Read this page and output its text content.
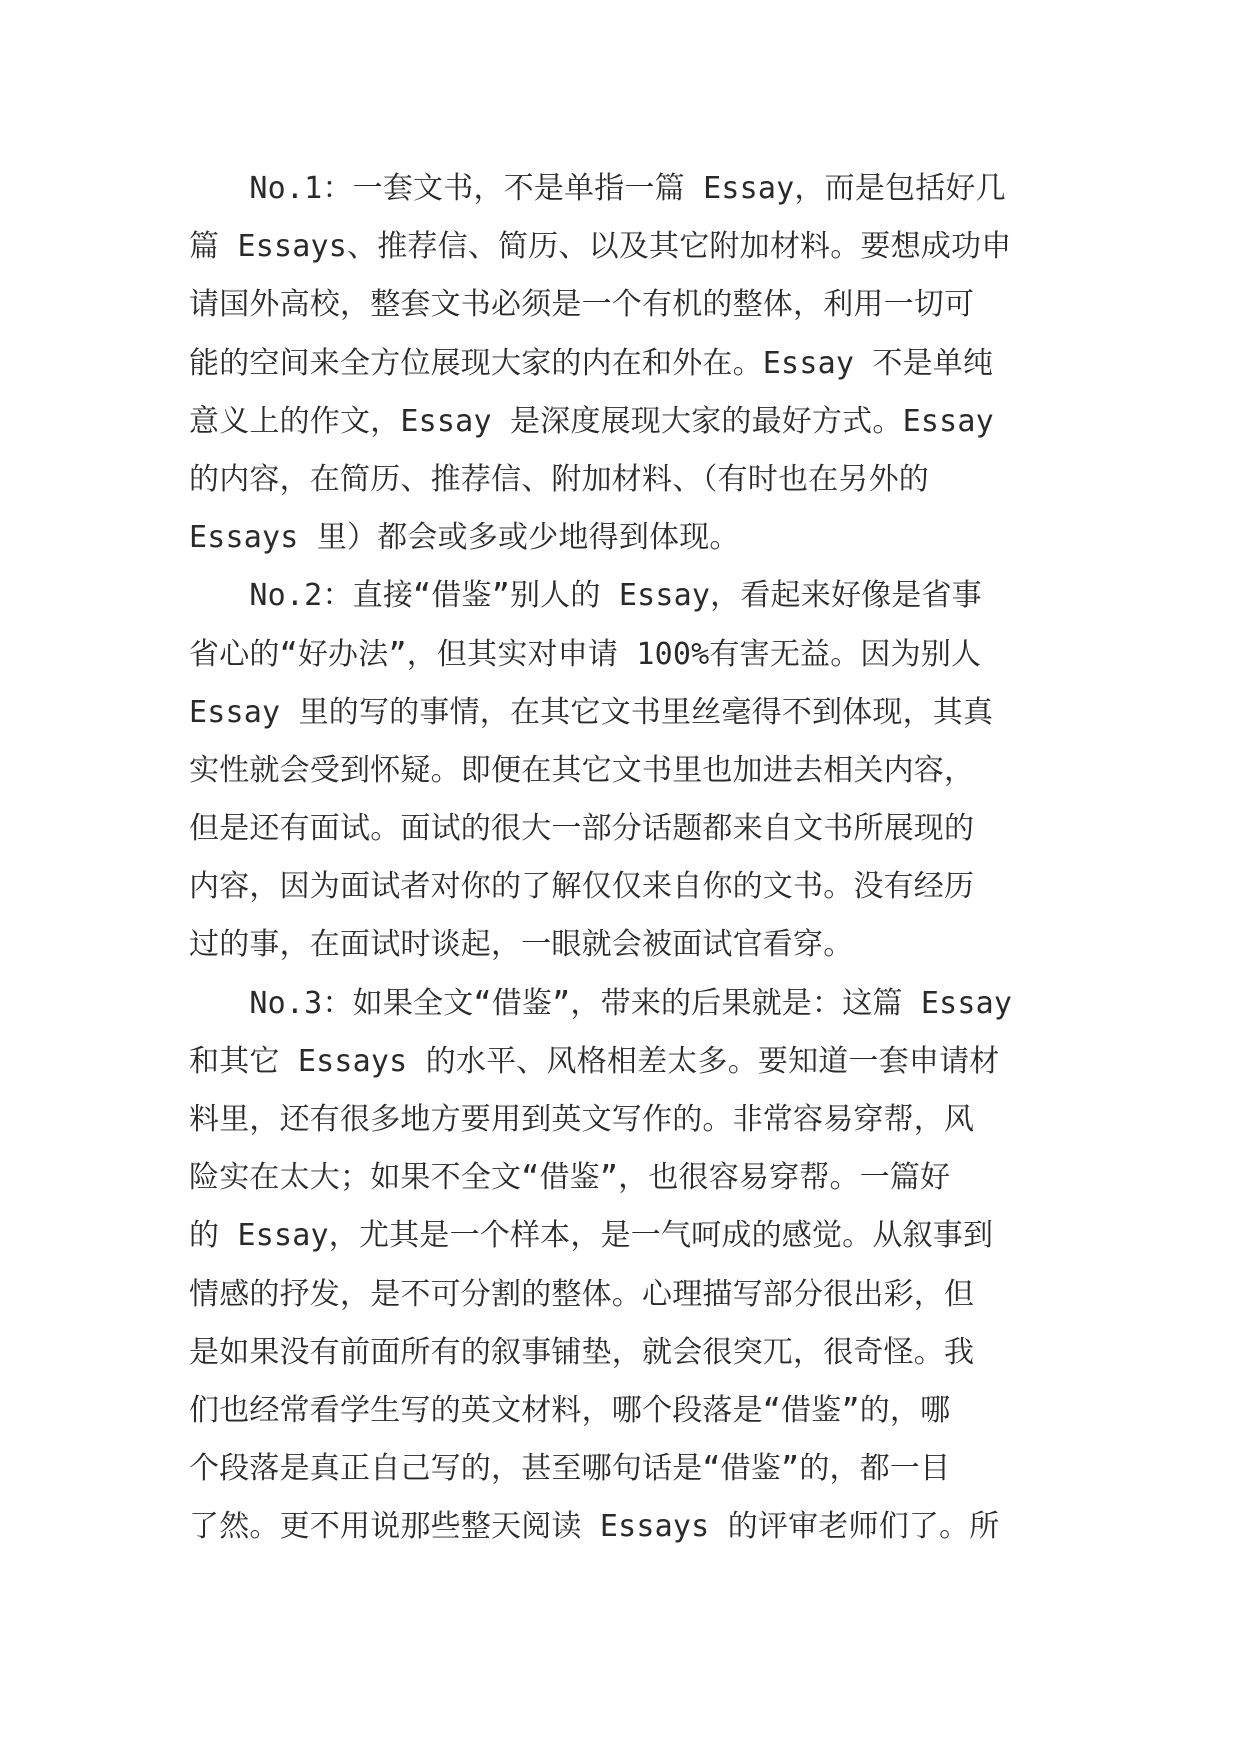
　　No.1：一套文书，不是单指一篇 Essay，而是包括好几
篇 Essays、推荐信、简历、以及其它附加材料。要想成功申
请国外高校，整套文书必须是一个有机的整体，利用一切可
能的空间来全方位展现大家的内在和外在。Essay 不是单纯
意义上的作文，Essay 是深度展现大家的最好方式。Essay
的内容，在简历、推荐信、附加材料、（有时也在另外的
Essays 里）都会或多或少地得到体现。
　　No.2：直接“借鉴”别人的 Essay，看起来好像是省事
省心的“好办法”，但其实对申请 100%有害无益。因为别人
Essay 里的写的事情，在其它文书里丝毫得不到体现，其真
实性就会受到怀疑。即便在其它文书里也加进去相关内容，
但是还有面试。面试的很大一部分话题都来自文书所展现的
内容，因为面试者对你的了解仅仅来自你的文书。没有经历
过的事，在面试时谈起，一眼就会被面试官看穿。
　　No.3：如果全文“借鉴”，带来的后果就是：这篇 Essay
和其它 Essays 的水平、风格相差太多。要知道一套申请材
料里，还有很多地方要用到英文写作的。非常容易穿帮，风
险实在太大；如果不全文“借鉴”，也很容易穿帮。一篇好
的 Essay，尤其是一个样本，是一气呵成的感觉。从叙事到
情感的抒发，是不可分割的整体。心理描写部分很出彩，但
是如果没有前面所有的叙事铺垫，就会很突兀，很奇怪。我
们也经常看学生写的英文材料，哪个段落是“借鉴”的，哪
个段落是真正自己写的，甚至哪句话是“借鉴”的，都一目
了然。更不用说那些整天阅读 Essays 的评审老师们了。所
